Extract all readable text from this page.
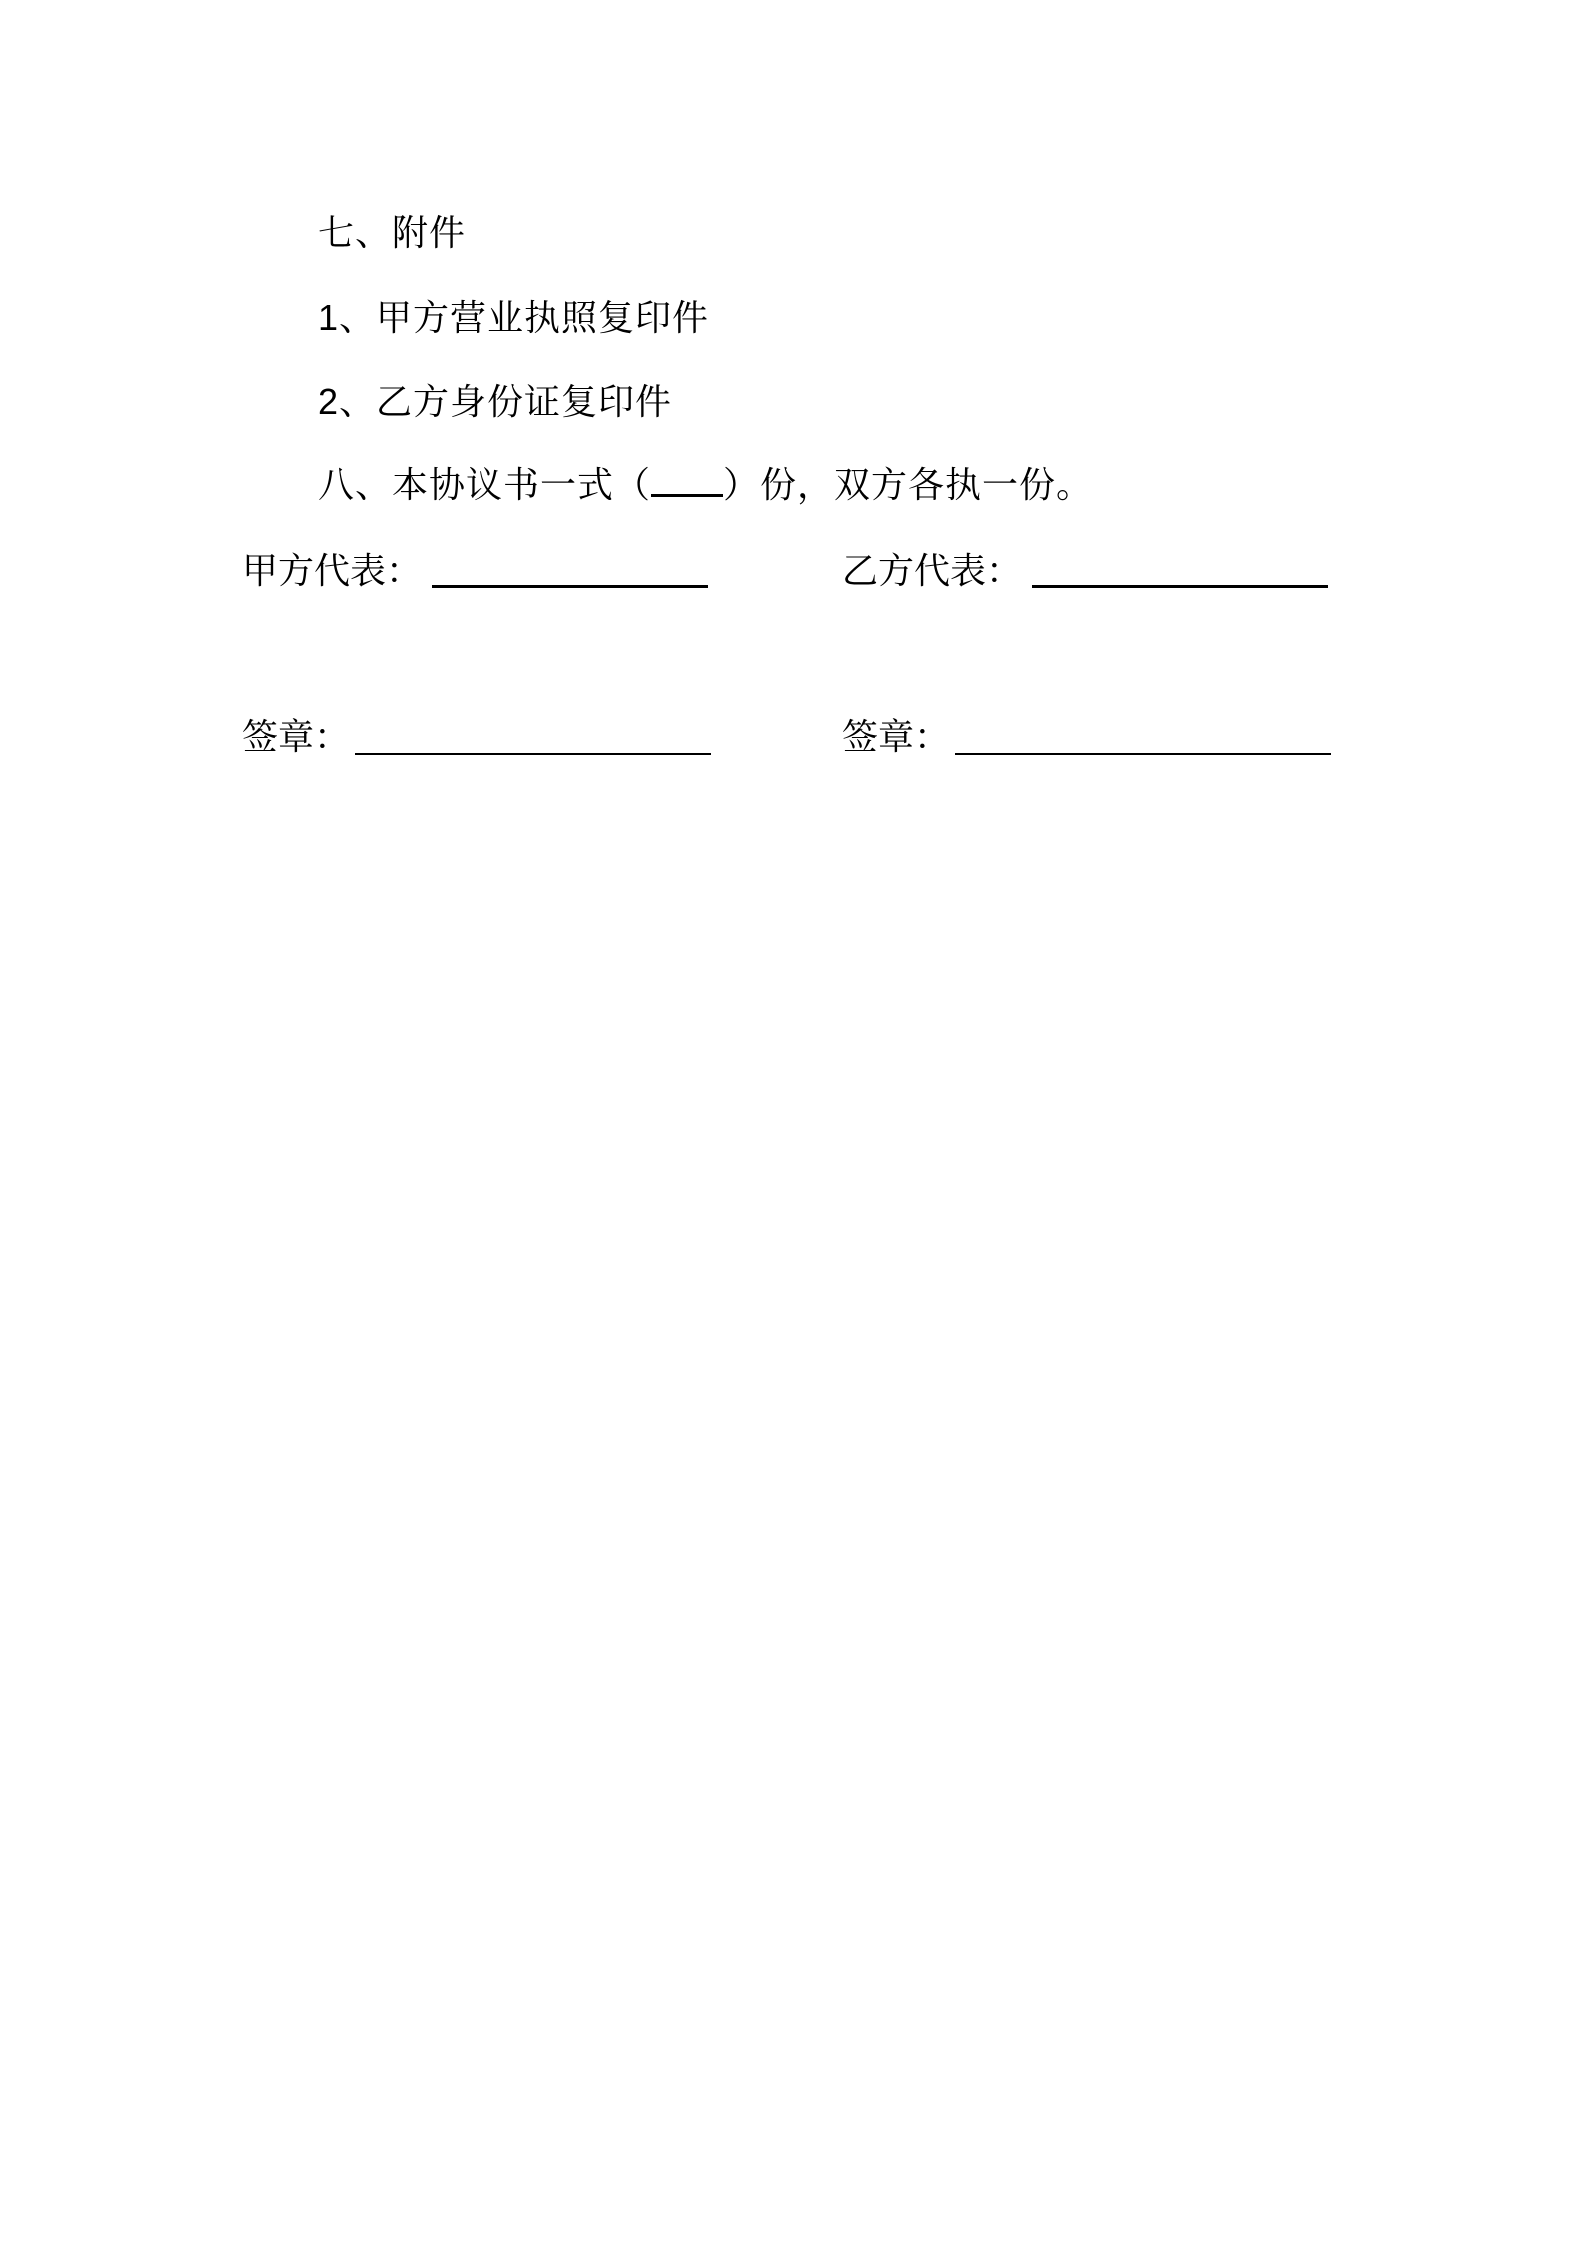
七、附件
1、甲方营业执照复印件
2、乙方身份证复印件
八、本协议书一式（ ）份，双方各执一份。
甲方代表：	乙方代表：
签章：	签章：
